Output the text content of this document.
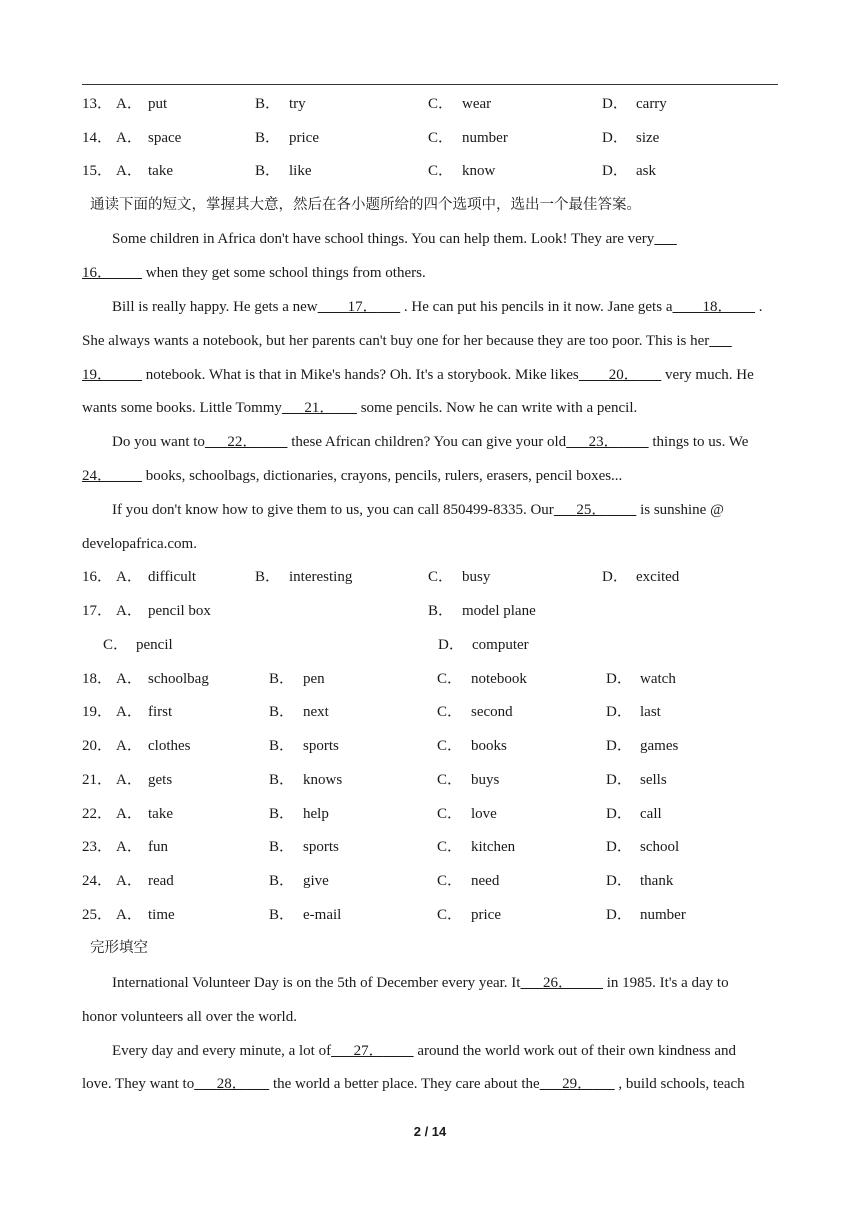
13． A． put	B． try	C． wear	D． carry
14． A． space	B． price	C． number	D． size
15． A． take	B． like	C． know	D． ask
通读下面的短文，掌握其大意，然后在各小题所给的四个选项中，选出一个最佳答案。
Some children in Africa don't have school things. You can help them. Look! They are very   
16．     when they get some school things from others.
Bill is really happy. He gets a new     17．    . He can put his pencils in it now. Jane gets a     18．    .
She always wants a notebook, but her parents can't buy one for her because they are too poor. This is her   
19．     notebook. What is that in Mike's hands? Oh. It's a storybook. Mike likes     20．    very much. He
wants some books. Little Tommy    21．    some pencils. Now he can write with a pencil.
Do you want to    22．     these African children? You can give your old    23．     things to us. We
24．     books, schoolbags, dictionaries, crayons, pencils, rulers, erasers, pencil boxes...
If you don't know how to give them to us, you can call 850499-8335. Our    25．     is sunshine @
developafrica.com.
16． A． difficult	B． interesting	C． busy	D． excited
17． A． pencil box	B． model plane
C． pencil	D． computer
18． A． schoolbag	B． pen	C． notebook	D． watch
19． A． first	B． next	C． second	D． last
20． A． clothes	B． sports	C． books	D． games
21． A． gets	B． knows	C． buys	D． sells
22． A． take	B． help	C． love	D． call
23． A． fun	B． sports	C． kitchen	D． school
24． A． read	B． give	C． need	D． thank
25． A． time	B． e-mail	C． price	D． number
完形填空
International Volunteer Day is on the 5th of December every year. It    26．     in 1985. It's a day to
honor volunteers all over the world.
Every day and every minute, a lot of    27．     around the world work out of their own kindness and
love. They want to    28．    the world a better place. They care about the    29．    , build schools, teach
2 / 14
